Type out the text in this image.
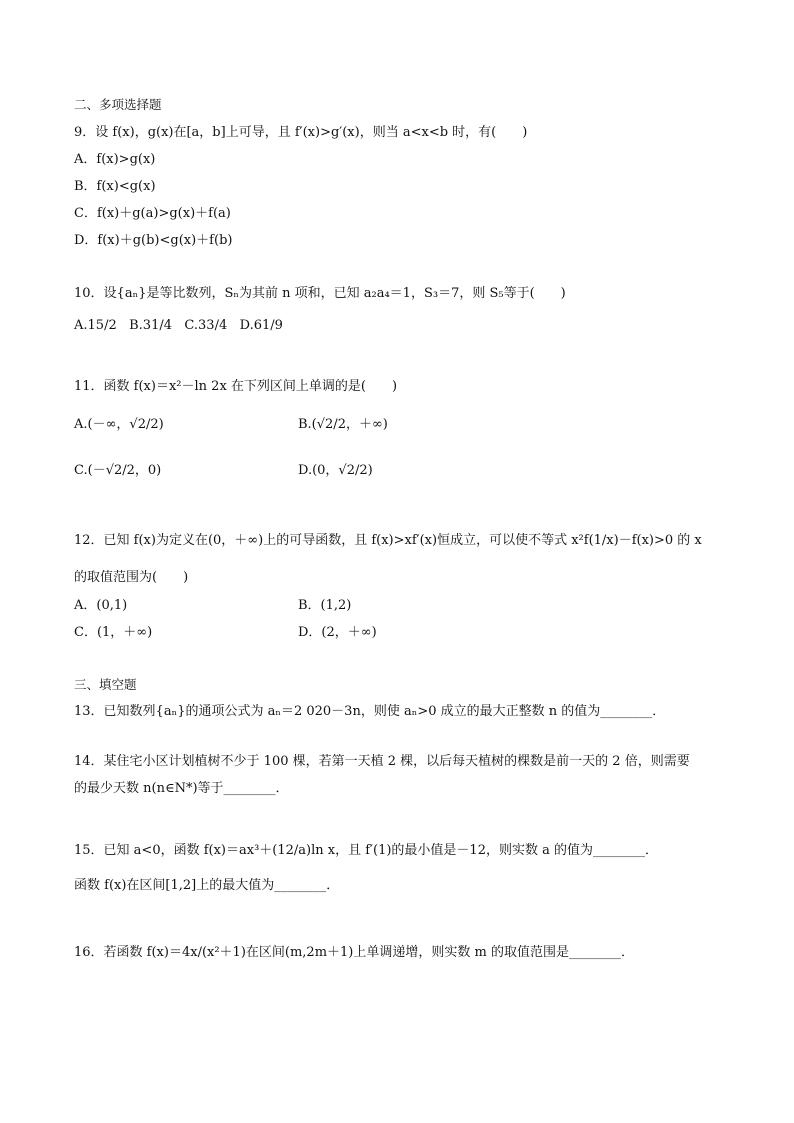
二、多项选择题
9．设 f(x)，g(x)在[a，b]上可导，且 f′(x)>g′(x)，则当 a<x<b 时，有(　　)
A．f(x)>g(x)
B．f(x)<g(x)
C．f(x)＋g(a)>g(x)＋f(a)
D．f(x)＋g(b)<g(x)＋f(b)
10．设{aₙ}是等比数列，Sₙ为其前 n 项和，已知 a₂a₄＝1，S₃＝7，则 S₅等于(　　)
A.15/2 B.31/4 C.33/4 D.61/9
11．函数 f(x)＝x²－ln 2x 在下列区间上单调的是(　　)
A.(－∞，√2/2)	B.(√2/2，＋∞)
C.(－√2/2，0)	D.(0，√2/2)
12．已知 f(x)为定义在(0，＋∞)上的可导函数，且 f(x)>xf′(x)恒成立，可以使不等式 x²f(1/x)－f(x)>0 的 x
的取值范围为(　　)
A．(0,1)	B．(1,2)
C．(1，＋∞)	D．(2，＋∞)
三、填空题
13．已知数列{aₙ}的通项公式为 aₙ＝2 020－3n，则使 aₙ>0 成立的最大正整数 n 的值为________．
14．某住宅小区计划植树不少于 100 棵，若第一天植 2 棵，以后每天植树的棵数是前一天的 2 倍，则需要
的最少天数 n(n∈N*)等于________．
15．已知 a<0，函数 f(x)＝ax³＋(12/a)ln x，且 f′(1)的最小值是－12，则实数 a 的值为________．
函数 f(x)在区间[1,2]上的最大值为________．
16．若函数 f(x)＝4x/(x²＋1)在区间(m,2m＋1)上单调递增，则实数 m 的取值范围是________．
